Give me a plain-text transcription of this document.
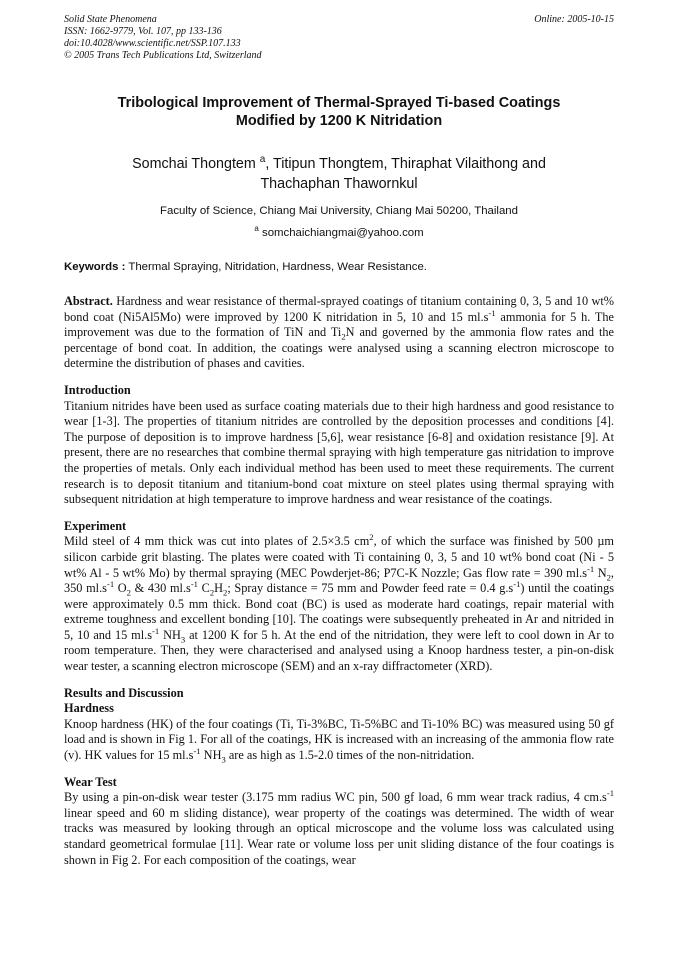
Solid State Phenomena
ISSN: 1662-9779, Vol. 107, pp 133-136
doi:10.4028/www.scientific.net/SSP.107.133
© 2005 Trans Tech Publications Ltd, Switzerland
Online: 2005-10-15
Tribological Improvement of Thermal-Sprayed Ti-based Coatings
Modified by 1200 K Nitridation
Somchai Thongtem $^a$, Titipun Thongtem, Thiraphat Vilaithong and
Thachaphan Thawornkul
Faculty of Science, Chiang Mai University, Chiang Mai 50200, Thailand
$^a$ somchaichiangmai@yahoo.com
Keywords : Thermal Spraying, Nitridation, Hardness, Wear Resistance.
Abstract. Hardness and wear resistance of thermal-sprayed coatings of titanium containing 0, 3, 5 and 10 wt% bond coat (Ni5Al5Mo) were improved by 1200 K nitridation in 5, 10 and 15 $ml.s^{-1}$ ammonia for 5 h. The improvement was due to the formation of TiN and $Ti_2N$ and governed by the ammonia flow rates and the percentage of bond coat. In addition, the coatings were analysed using a scanning electron microscope to determine the distribution of phases and cavities.
Introduction
Titanium nitrides have been used as surface coating materials due to their high hardness and good resistance to wear [1-3]. The properties of titanium nitrides are controlled by the deposition processes and conditions [4]. The purpose of deposition is to improve hardness [5,6], wear resistance [6-8] and oxidation resistance [9]. At present, there are no researches that combine thermal spraying with high temperature gas nitridation to improve the properties of metals. Only each individual method has been used to meet these requirements. The current research is to deposit titanium and titanium-bond coat mixture on steel plates using thermal spraying with subsequent nitridation at high temperature to improve hardness and wear resistance of the coatings.
Experiment
Mild steel of 4 mm thick was cut into plates of 2.5×3.5 $cm^2$, of which the surface was finished by 500 µm silicon carbide grit blasting. The plates were coated with Ti containing 0, 3, 5 and 10 wt% bond coat (Ni - 5 wt% Al - 5 wt% Mo) by thermal spraying (MEC Powderjet-86; P7C-K Nozzle; Gas flow rate = 390 $ml.s^{-1}$ $N_2$, 350 $ml.s^{-1}$ $O_2$ & 430 $ml.s^{-1}$ $C_2H_2$; Spray distance = 75 mm and Powder feed rate = 0.4 $g.s^{-1}$) until the coatings were approximately 0.5 mm thick. Bond coat (BC) is used as moderate hard coatings, repair material with extreme toughness and excellent bonding [10]. The coatings were subsequently preheated in Ar and nitrided in 5, 10 and 15 $ml.s^{-1}$ $NH_3$ at 1200 K for 5 h. At the end of the nitridation, they were left to cool down in Ar to room temperature. Then, they were characterised and analysed using a Knoop hardness tester, a pin-on-disk wear tester, a scanning electron microscope (SEM) and an x-ray diffractometer (XRD).
Results and Discussion
Hardness
Knoop hardness (HK) of the four coatings (Ti, Ti-3%BC, Ti-5%BC and Ti-10% BC) was measured using 50 gf load and is shown in Fig 1. For all of the coatings, HK is increased with an increasing of the ammonia flow rate (v). HK values for 15 $ml.s^{-1}$ $NH_3$ are as high as 1.5-2.0 times of the non-nitridation.
Wear Test
By using a pin-on-disk wear tester (3.175 mm radius WC pin, 500 gf load, 6 mm wear track radius, 4 $cm.s^{-1}$ linear speed and 60 m sliding distance), wear property of the coatings was determined. The width of wear tracks was measured by looking through an optical microscope and the volume loss was calculated using standard geometrical formulae [11]. Wear rate or volume loss per unit sliding distance of the four coatings is shown in Fig 2. For each composition of the coatings, wear
